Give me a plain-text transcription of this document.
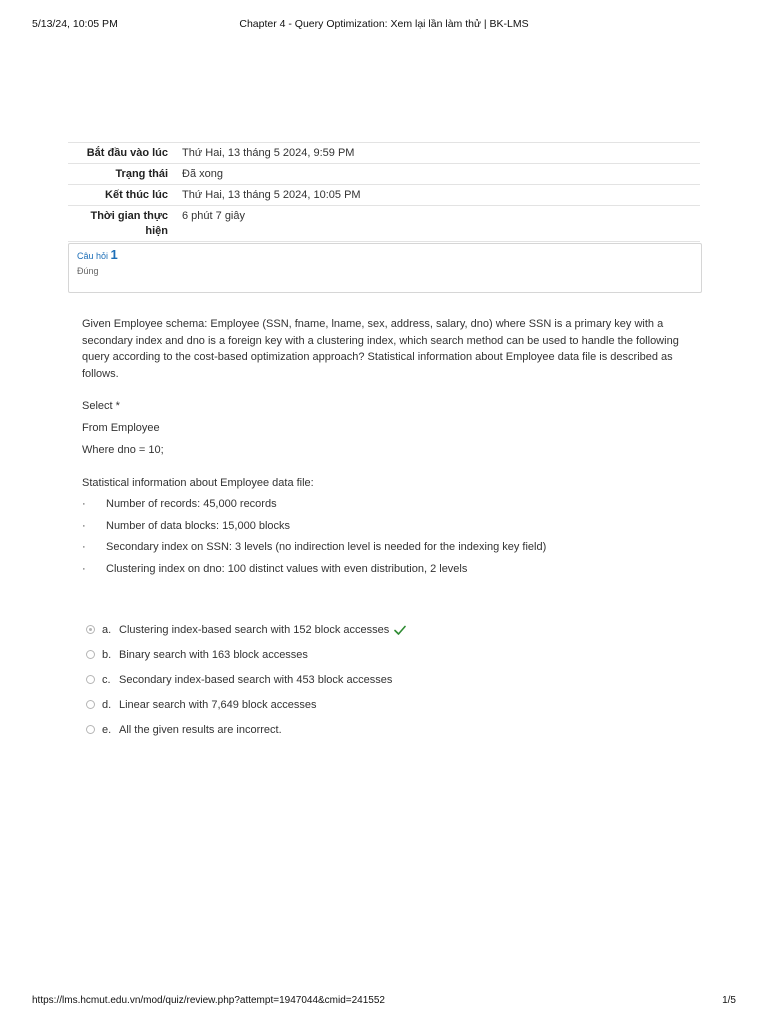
5/13/24, 10:05 PM	Chapter 4 - Query Optimization: Xem lại lần làm thử | BK-LMS
Bắt đầu vào lúc	Thứ Hai, 13 tháng 5 2024, 9:59 PM
Trạng thái	Đã xong
Kết thúc lúc	Thứ Hai, 13 tháng 5 2024, 10:05 PM
Thời gian thực hiện	6 phút 7 giây
Câu hỏi 1
Đúng

Given Employee schema: Employee (SSN, fname, lname, sex, address, salary, dno) where SSN is a primary key with a secondary index and dno is a foreign key with a clustering index, which search method can be used to handle the following query according to the cost-based optimization approach? Statistical information about Employee data file is described as follows.

Select *

From Employee

Where dno = 10;

Statistical information about Employee data file:

· Number of records: 45,000 records
· Number of data blocks: 15,000 blocks
· Secondary index on SSN: 3 levels (no indirection level is needed for the indexing key field)
· Clustering index on dno: 100 distinct values with even distribution, 2 levels
a. Clustering index-based search with 152 block accesses
b. Binary search with 163 block accesses
c. Secondary index-based search with 453 block accesses
d. Linear search with 7,649 block accesses
e. All the given results are incorrect.
https://lms.hcmut.edu.vn/mod/quiz/review.php?attempt=1947044&cmid=241552	1/5
